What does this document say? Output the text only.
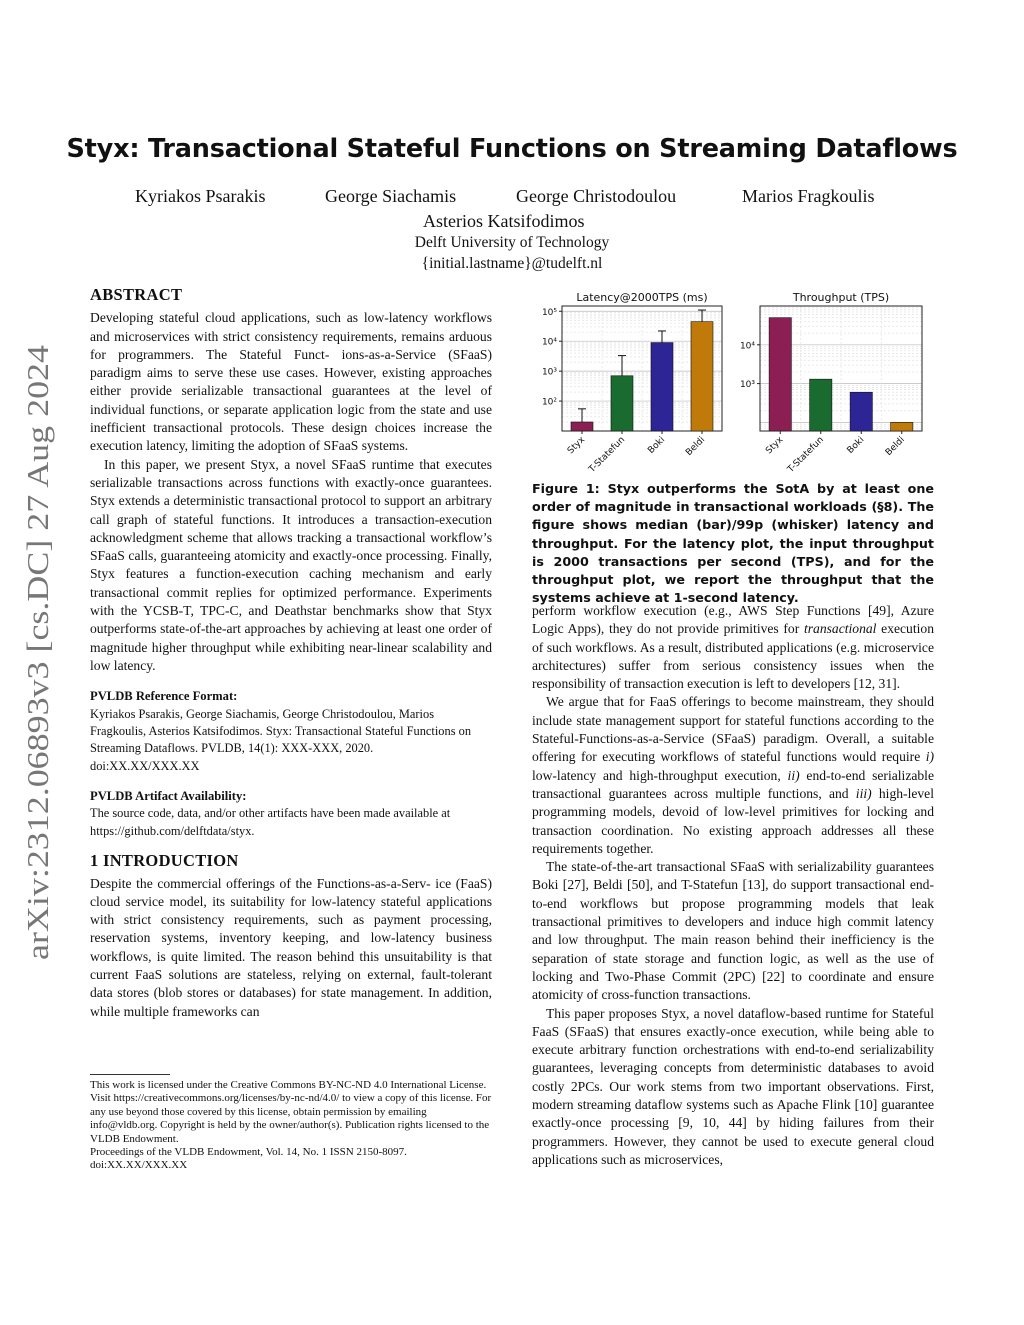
arXiv:2312.06893v3 [cs.DC] 27 Aug 2024
Styx: Transactional Stateful Functions on Streaming Dataflows
Kyriakos Psarakis	George Siachamis	George Christodoulou	Marios Fragkoulis
Asterios Katsifodimos
Delft University of Technology
{initial.lastname}@tudelft.nl
ABSTRACT

Developing stateful cloud applications, such as low-latency workflows and microservices with strict consistency requirements, remains arduous for programmers. The Stateful Funct- ions-as-a-Service (SFaaS) paradigm aims to serve these use cases. However, existing approaches either provide serializable transactional guarantees at the level of individual functions, or separate application logic from the state and use inefficient transactional protocols. These design choices increase the execution latency, limiting the adoption of SFaaS systems.

In this paper, we present Styx, a novel SFaaS runtime that executes serializable transactions across functions with exactly-once guarantees. Styx extends a deterministic transactional protocol to support an arbitrary call graph of stateful functions. It introduces a transaction-execution acknowledgment scheme that allows tracking a transactional workflow’s SFaaS calls, guaranteeing atomicity and exactly-once processing. Finally, Styx features a function-execution caching mechanism and early transactional commit replies for optimized performance. Experiments with the YCSB-T, TPC-C, and Deathstar benchmarks show that Styx outperforms state-of-the-art approaches by achieving at least one order of magnitude higher throughput while exhibiting near-linear scalability and low latency.

PVLDB Reference Format:

Kyriakos Psarakis, George Siachamis, George Christodoulou, Marios Fragkoulis, Asterios Katsifodimos. Styx: Transactional Stateful Functions on Streaming Dataflows. PVLDB, 14(1): XXX-XXX, 2020.

doi:XX.XX/XXX.XX

PVLDB Artifact Availability:

The source code, data, and/or other artifacts have been made available at https://github.com/delftdata/styx.

1 INTRODUCTION

Despite the commercial offerings of the Functions-as-a-Serv- ice (FaaS) cloud service model, its suitability for low-latency stateful applications with strict consistency requirements, such as payment processing, reservation systems, inventory keeping, and low-latency business workflows, is quite limited. The reason behind this unsuitability is that current FaaS solutions are stateless, relying on external, fault-tolerant data stores (blob stores or databases) for state management. In addition, while multiple frameworks can

This work is licensed under the Creative Commons BY-NC-ND 4.0 International License. Visit https://creativecommons.org/licenses/by-nc-nd/4.0/ to view a copy of this license. For any use beyond those covered by this license, obtain permission by emailing info@vldb.org. Copyright is held by the owner/author(s). Publication rights licensed to the VLDB Endowment.
Proceedings of the VLDB Endowment, Vol. 14, No. 1 ISSN 2150-8097.
doi:XX.XX/XXX.XX
Latency@2000TPS (ms)
10²
10³
10⁴
10⁵
Styx T-Statefun Boki Beldi
Throughput (TPS)
10³
10⁴
Styx T-Statefun Boki Beldi
Figure 1: Styx outperforms the SotA by at least one order of magnitude in transactional workloads (§8). The figure shows median (bar)/99p (whisker) latency and throughput. For the latency plot, the input throughput is 2000 transactions per second (TPS), and for the throughput plot, we report the throughput that the systems achieve at 1-second latency.

perform workflow execution (e.g., AWS Step Functions [49], Azure Logic Apps), they do not provide primitives for transactional execution of such workflows. As a result, distributed applications (e.g. microservice architectures) suffer from serious consistency issues when the responsibility of transaction execution is left to developers [12, 31].

We argue that for FaaS offerings to become mainstream, they should include state management support for stateful functions according to the Stateful-Functions-as-a-Service (SFaaS) paradigm. Overall, a suitable offering for executing workflows of stateful functions would require i) low-latency and high-throughput execution, ii) end-to-end serializable transactional guarantees across multiple functions, and iii) high-level programming models, devoid of low-level primitives for locking and transaction coordination. No existing approach addresses all these requirements together.

The state-of-the-art transactional SFaaS with serializability guarantees Boki [27], Beldi [50], and T-Statefun [13], do support transactional end-to-end workflows but propose programming models that leak transactional primitives to developers and induce high commit latency and low throughput. The main reason behind their inefficiency is the separation of state storage and function logic, as well as the use of locking and Two-Phase Commit (2PC) [22] to coordinate and ensure atomicity of cross-function transactions.

This paper proposes Styx, a novel dataflow-based runtime for Stateful FaaS (SFaaS) that ensures exactly-once execution, while being able to execute arbitrary function orchestrations with end-to-end serializability guarantees, leveraging concepts from deterministic databases to avoid costly 2PCs. Our work stems from two important observations. First, modern streaming dataflow systems such as Apache Flink [10] guarantee exactly-once processing [9, 10, 44] by hiding failures from their programmers. However, they cannot be used to execute general cloud applications such as microservices,
